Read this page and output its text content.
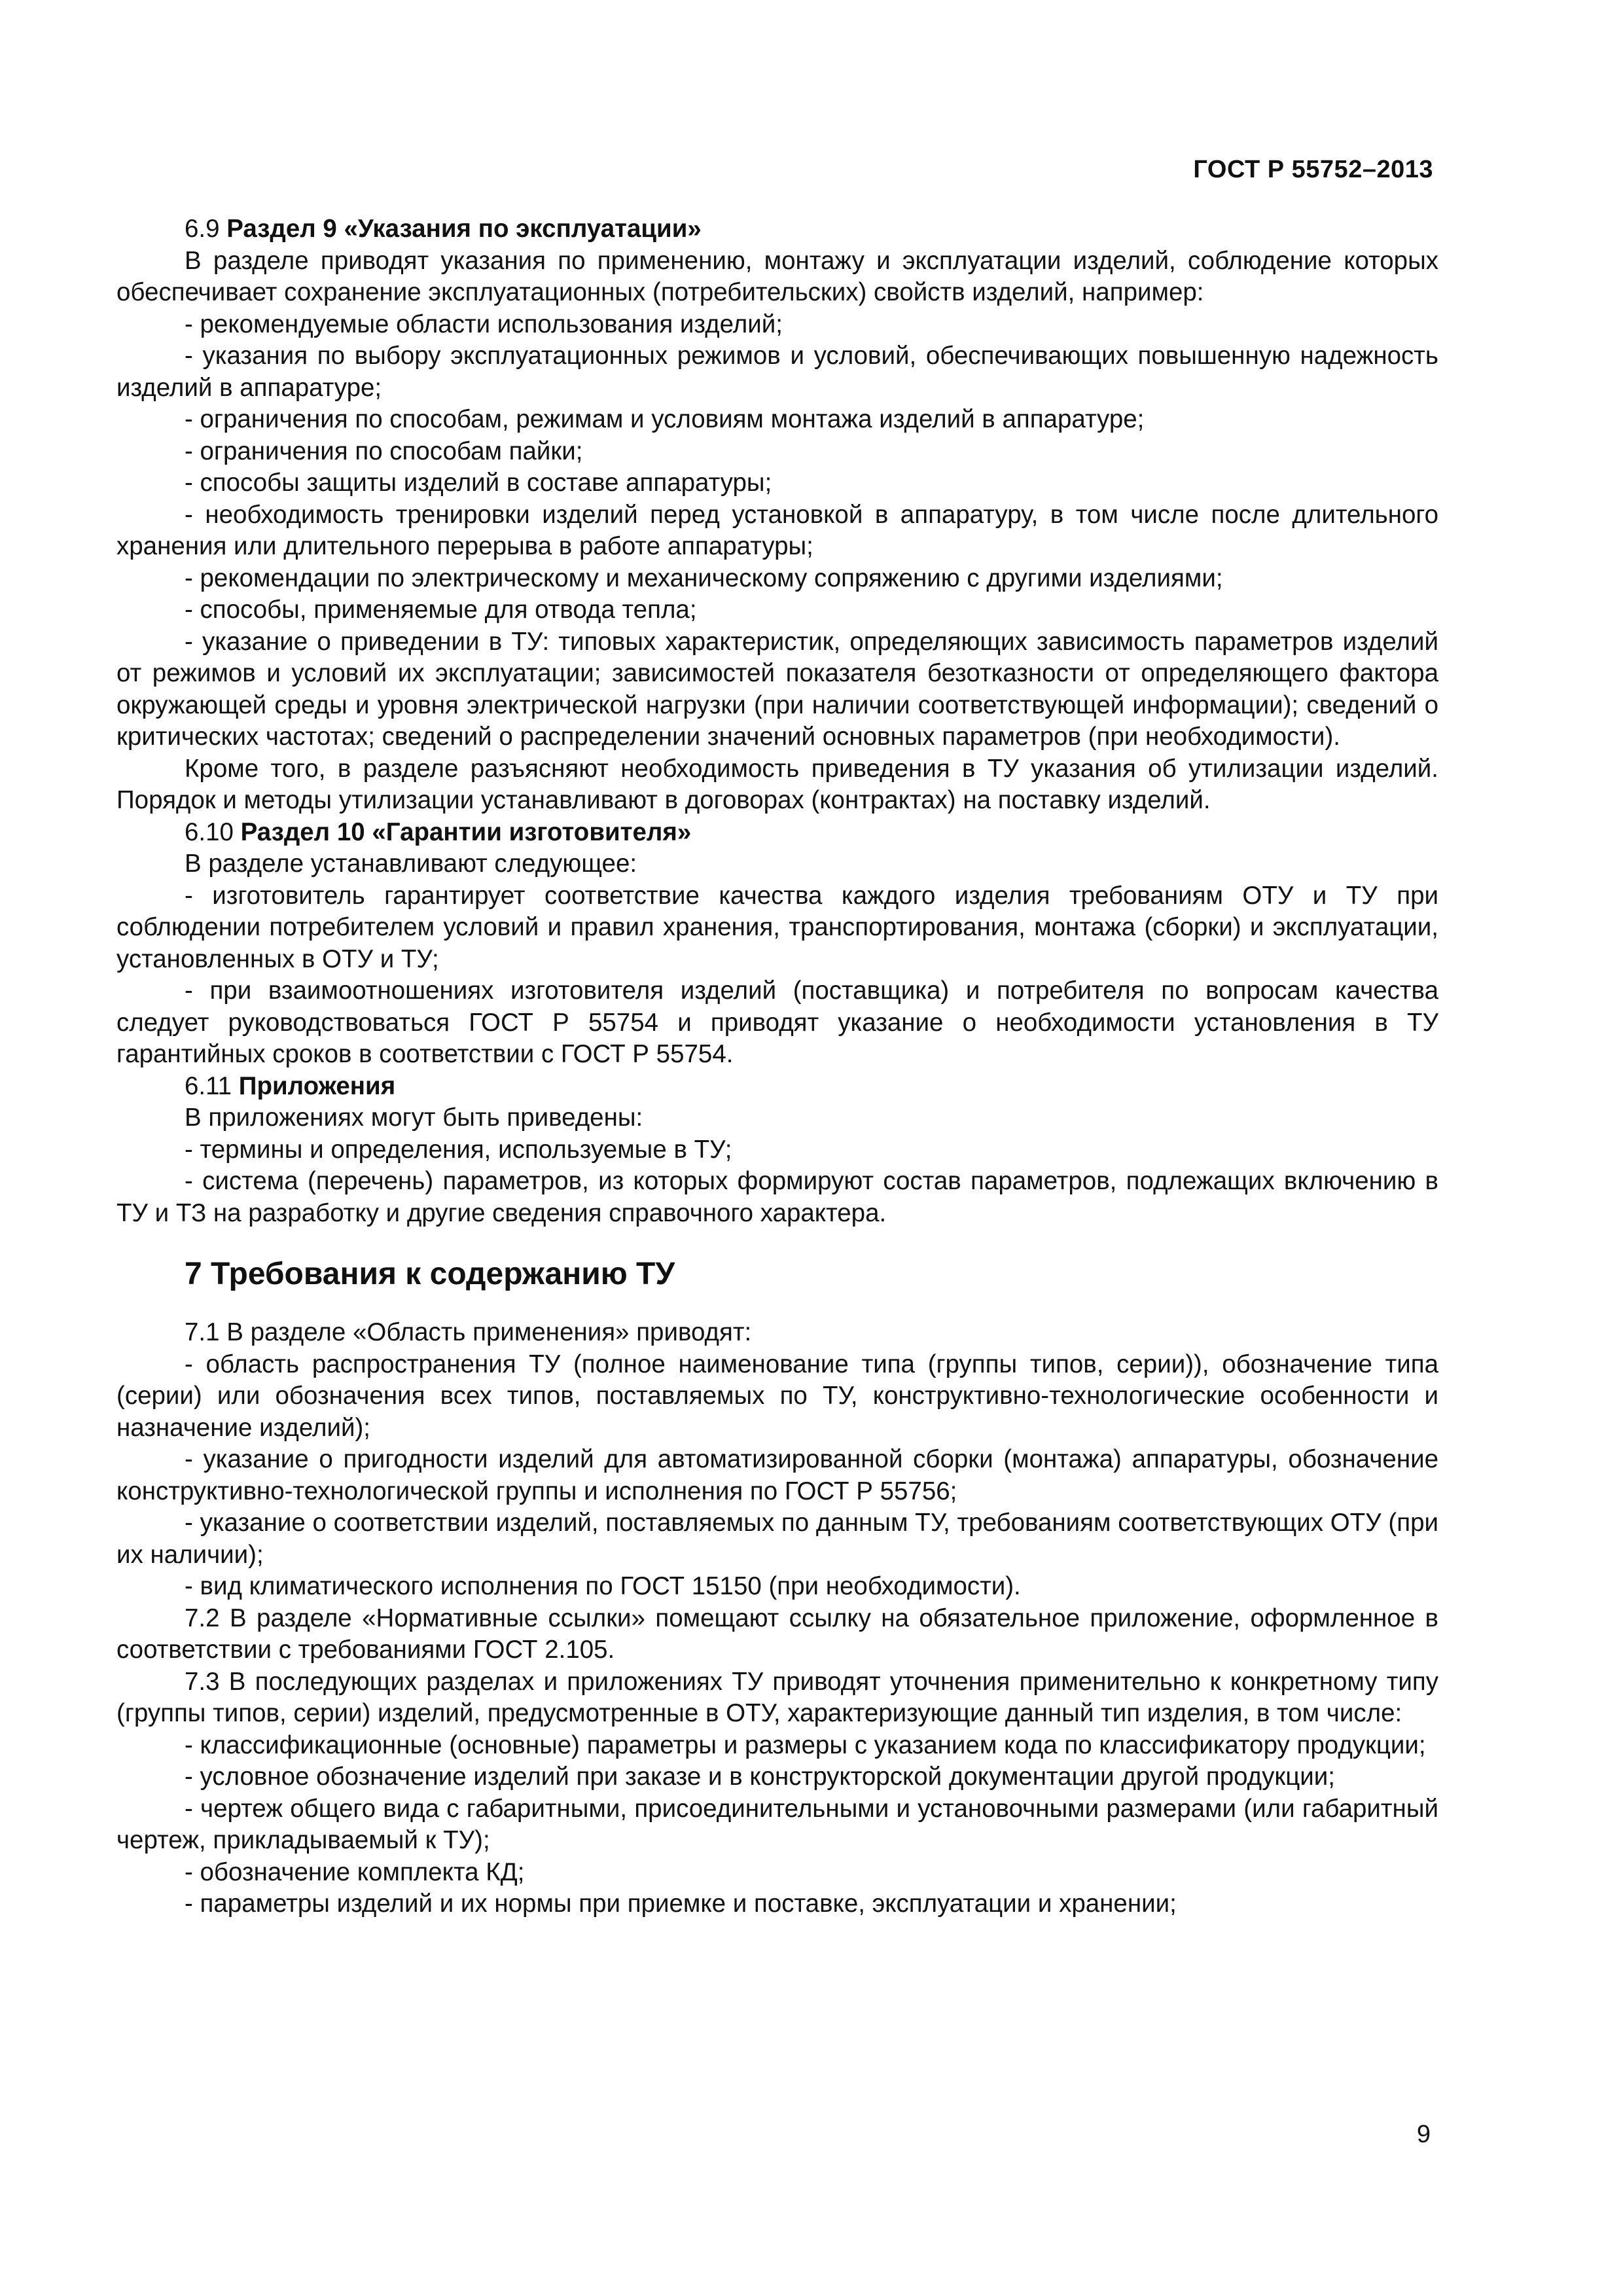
ГОСТ Р 55752–2013

6.9 Раздел 9 «Указания по эксплуатации»

В разделе приводят указания по применению, монтажу и эксплуатации изделий, соблюдение которых обеспечивает сохранение эксплуатационных (потребительских) свойств изделий, например:

- рекомендуемые области использования изделий;

- указания по выбору эксплуатационных режимов и условий, обеспечивающих повышенную надежность изделий в аппаратуре;

- ограничения по способам, режимам и условиям монтажа изделий в аппаратуре;

- ограничения по способам пайки;

- способы защиты изделий в составе аппаратуры;

- необходимость тренировки изделий перед установкой в аппаратуру, в том числе после длительного хранения или длительного перерыва в работе аппаратуры;

- рекомендации по электрическому и механическому сопряжению с другими изделиями;

- способы, применяемые для отвода тепла;

- указание о приведении в ТУ: типовых характеристик, определяющих зависимость параметров изделий от режимов и условий их эксплуатации; зависимостей показателя безотказности от определяющего фактора окружающей среды и уровня электрической нагрузки (при наличии соответствующей информации); сведений о критических частотах; сведений о распределении значений основных параметров (при необходимости).

Кроме того, в разделе разъясняют необходимость приведения в ТУ указания об утилизации изделий. Порядок и методы утилизации устанавливают в договорах (контрактах) на поставку изделий.

6.10 Раздел 10 «Гарантии изготовителя»

В разделе устанавливают следующее:

- изготовитель гарантирует соответствие качества каждого изделия требованиям ОТУ и ТУ при соблюдении потребителем условий и правил хранения, транспортирования, монтажа (сборки) и эксплуатации, установленных в ОТУ и ТУ;

- при взаимоотношениях изготовителя изделий (поставщика) и потребителя по вопросам качества следует руководствоваться ГОСТ Р 55754 и приводят указание о необходимости установления в ТУ гарантийных сроков в соответствии с ГОСТ Р 55754.

6.11 Приложения

В приложениях могут быть приведены:

- термины и определения, используемые в ТУ;

- система (перечень) параметров, из которых формируют состав параметров, подлежащих включению в ТУ и ТЗ на разработку и другие сведения справочного характера.

7 Требования к содержанию ТУ

7.1 В разделе «Область применения» приводят:

- область распространения ТУ (полное наименование типа (группы типов, серии)), обозначение типа (серии) или обозначения всех типов, поставляемых по ТУ, конструктивно-технологические особенности и назначение изделий);

- указание о пригодности изделий для автоматизированной сборки (монтажа) аппаратуры, обозначение конструктивно-технологической группы и исполнения по ГОСТ Р 55756;

- указание о соответствии изделий, поставляемых по данным ТУ, требованиям соответствующих ОТУ (при их наличии);

- вид климатического исполнения по ГОСТ 15150 (при необходимости).

7.2 В разделе «Нормативные ссылки» помещают ссылку на обязательное приложение, оформленное в соответствии с требованиями ГОСТ 2.105.

7.3 В последующих разделах и приложениях ТУ приводят уточнения применительно к конкретному типу (группы типов, серии) изделий, предусмотренные в ОТУ, характеризующие данный тип изделия, в том числе:

- классификационные (основные) параметры и размеры с указанием кода по классификатору продукции;

- условное обозначение изделий при заказе и в конструкторской документации другой продукции;

- чертеж общего вида с габаритными, присоединительными и установочными размерами (или габаритный чертеж, прикладываемый к ТУ);

- обозначение комплекта КД;

- параметры изделий и их нормы при приемке и поставке, эксплуатации и хранении;

9
